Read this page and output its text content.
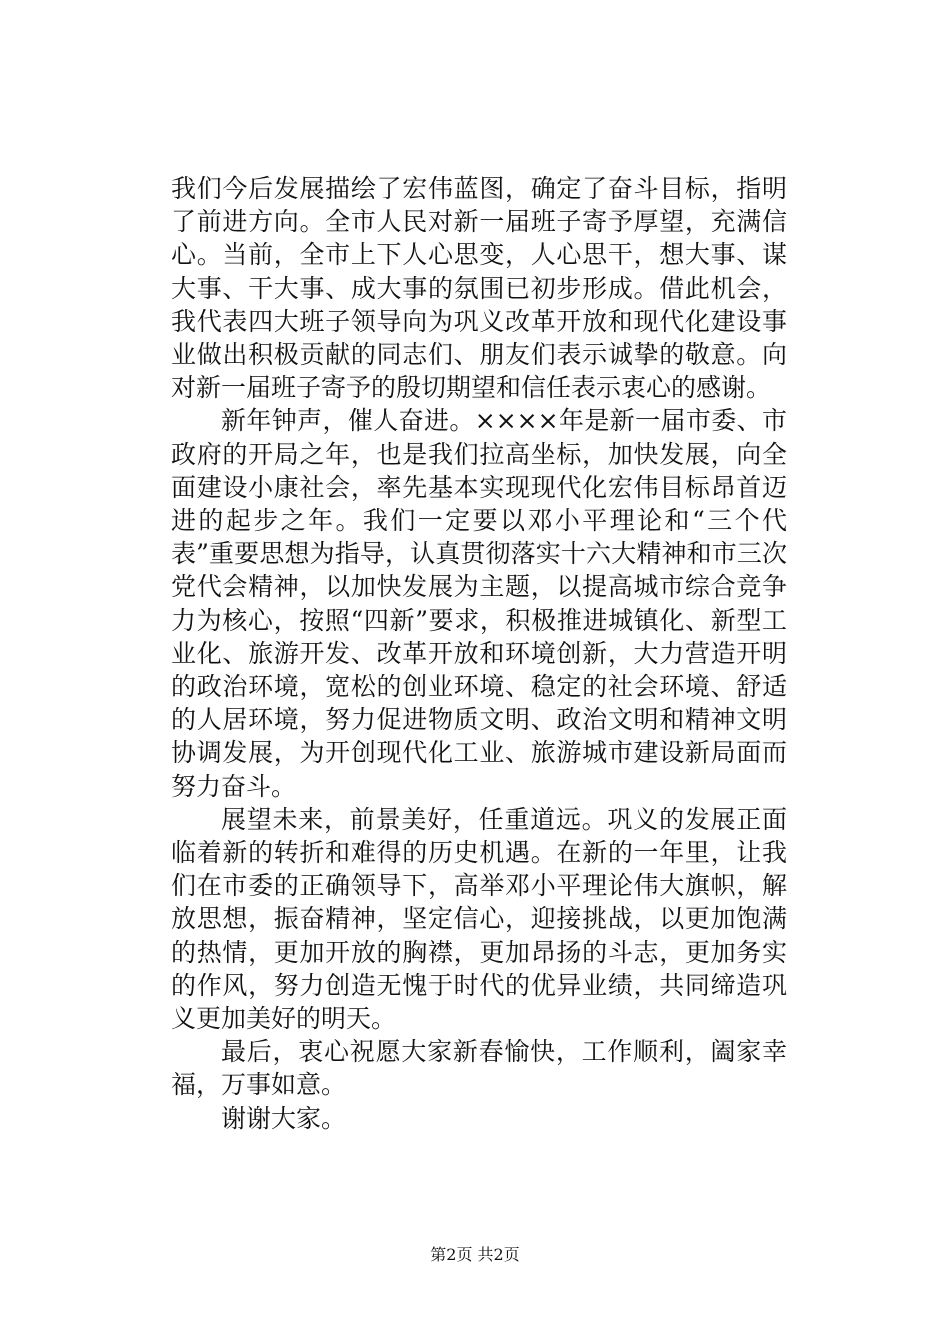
我们今后发展描绘了宏伟蓝图，确定了奋斗目标，指明了前进方向。全市人民对新一届班子寄予厚望，充满信心。当前，全市上下人心思变，人心思干，想大事、谋大事、干大事、成大事的氛围已初步形成。借此机会，我代表四大班子领导向为巩义改革开放和现代化建设事业做出积极贡献的同志们、朋友们表示诚挚的敬意。向对新一届班子寄予的殷切期望和信任表示衷心的感谢。

新年钟声，催人奋进。××××年是新一届市委、市政府的开局之年，也是我们拉高坐标，加快发展，向全面建设小康社会，率先基本实现现代化宏伟目标昂首迈进的起步之年。我们一定要以邓小平理论和“三个代表”重要思想为指导，认真贯彻落实十六大精神和市三次党代会精神，以加快发展为主题，以提高城市综合竞争力为核心，按照“四新”要求，积极推进城镇化、新型工业化、旅游开发、改革开放和环境创新，大力营造开明的政治环境，宽松的创业环境、稳定的社会环境、舒适的人居环境，努力促进物质文明、政治文明和精神文明协调发展，为开创现代化工业、旅游城市建设新局面而努力奋斗。

展望未来，前景美好，任重道远。巩义的发展正面临着新的转折和难得的历史机遇。在新的一年里，让我们在市委的正确领导下，高举邓小平理论伟大旗帜，解放思想，振奋精神，坚定信心，迎接挑战，以更加饱满的热情，更加开放的胸襟，更加昂扬的斗志，更加务实的作风，努力创造无愧于时代的优异业绩，共同缔造巩义更加美好的明天。

最后，衷心祝愿大家新春愉快，工作顺利，阖家幸福，万事如意。

谢谢大家。

第2页 共2页
